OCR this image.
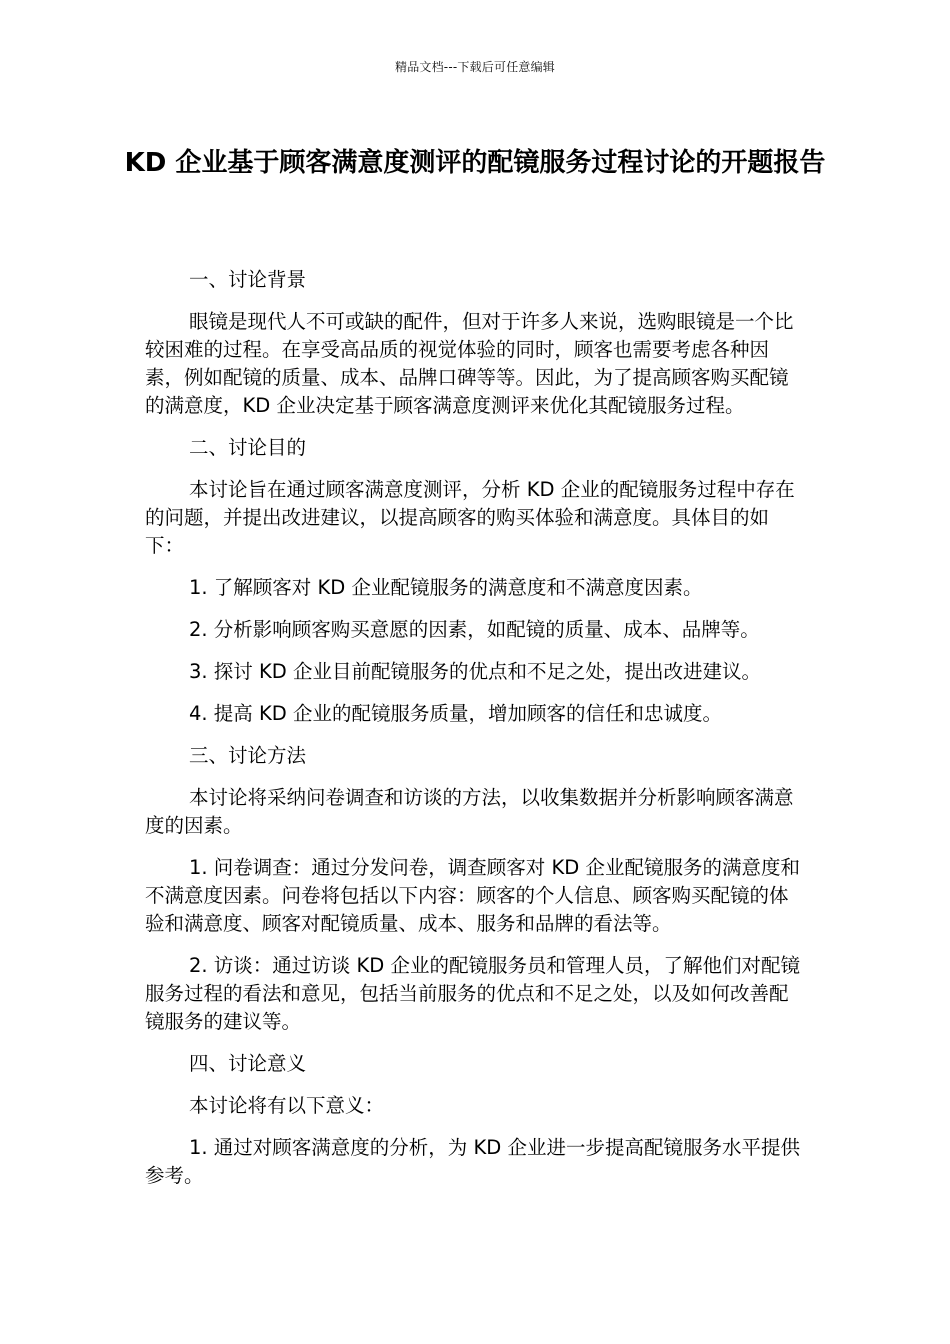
精品文档---下载后可任意编辑
KD 企业基于顾客满意度测评的配镜服务过程讨论的开题报告

一、讨论背景

眼镜是现代人不可或缺的配件，但对于许多人来说，选购眼镜是一个比较困难的过程。在享受高品质的视觉体验的同时，顾客也需要考虑各种因素，例如配镜的质量、成本、品牌口碑等等。因此，为了提高顾客购买配镜的满意度，KD 企业决定基于顾客满意度测评来优化其配镜服务过程。

二、讨论目的

本讨论旨在通过顾客满意度测评，分析 KD 企业的配镜服务过程中存在的问题，并提出改进建议，以提高顾客的购买体验和满意度。具体目的如下：

1. 了解顾客对 KD 企业配镜服务的满意度和不满意度因素。

2. 分析影响顾客购买意愿的因素，如配镜的质量、成本、品牌等。

3. 探讨 KD 企业目前配镜服务的优点和不足之处，提出改进建议。

4. 提高 KD 企业的配镜服务质量，增加顾客的信任和忠诚度。

三、讨论方法

本讨论将采纳问卷调查和访谈的方法，以收集数据并分析影响顾客满意度的因素。

1. 问卷调查：通过分发问卷，调查顾客对 KD 企业配镜服务的满意度和不满意度因素。问卷将包括以下内容：顾客的个人信息、顾客购买配镜的体验和满意度、顾客对配镜质量、成本、服务和品牌的看法等。

2. 访谈：通过访谈 KD 企业的配镜服务员和管理人员，了解他们对配镜服务过程的看法和意见，包括当前服务的优点和不足之处，以及如何改善配镜服务的建议等。

四、讨论意义

本讨论将有以下意义：

1. 通过对顾客满意度的分析，为 KD 企业进一步提高配镜服务水平提供参考。
